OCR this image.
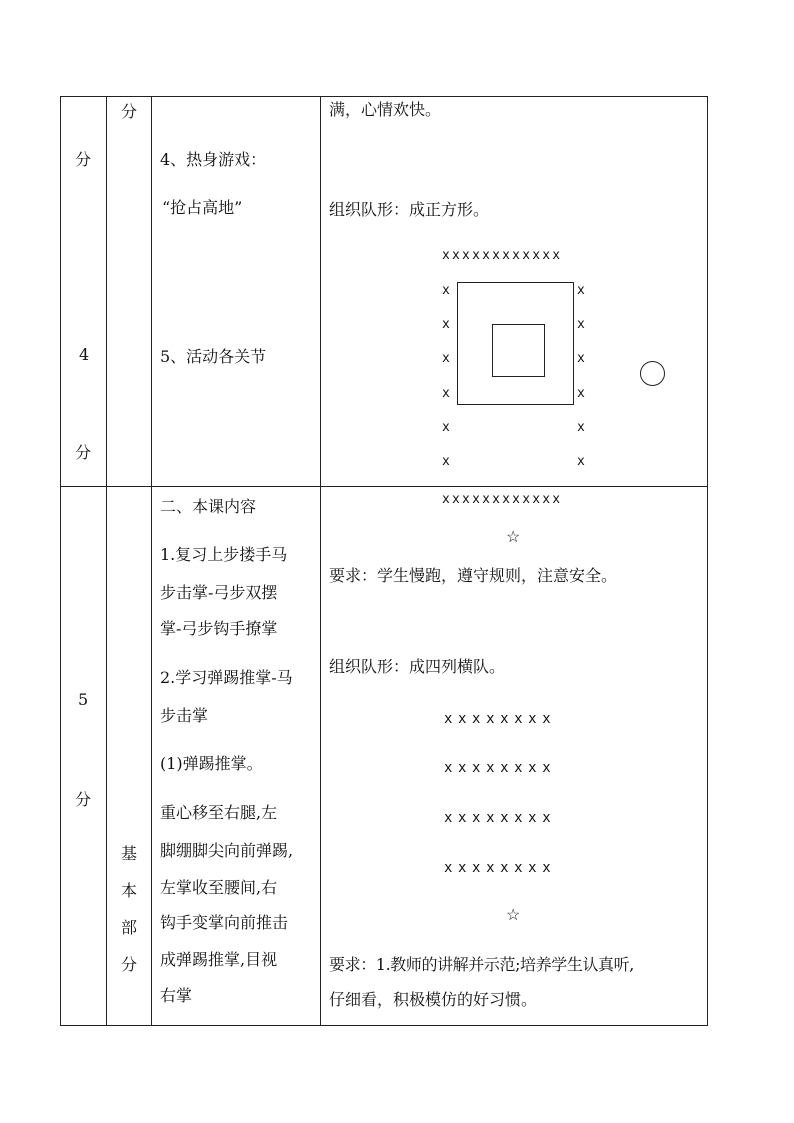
分
4
分
分
4、热身游戏：
“抢占高地”
5、活动各关节
满，心情欢快。
组织队形：成正方形。
xxxxxxxxxxxx
x
x
x
x
x
x
x
x
x
x
x
x
5
分
基
本
部
分
二、本课内容
1.复习上步搂手马
步击掌-弓步双摆
掌-弓步钩手撩掌
2.学习弹踢推掌-马
步击掌
(1)弹踢推掌。
重心移至右腿,左
脚绷脚尖向前弹踢,
左掌收至腰间,右
钩手变掌向前推击
成弹踢推掌,目视
右掌
xxxxxxxxxxxx
☆
要求：学生慢跑，遵守规则，注意安全。
组织队形：成四列横队。
xxxxxxxx
xxxxxxxx
xxxxxxxx
xxxxxxxx
☆
要求：1.教师的讲解并示范;培养学生认真听,
仔细看，积极模仿的好习惯。
